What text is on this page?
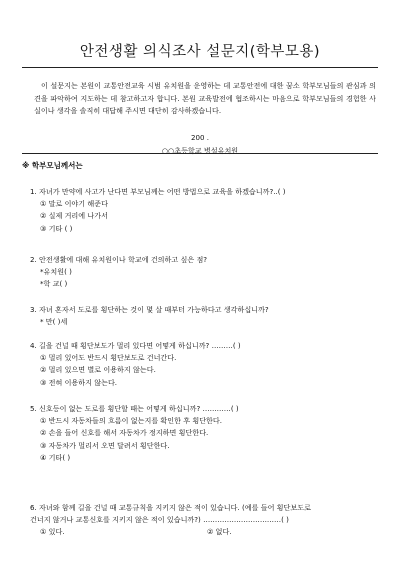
안전생활 의식조사 설문지(학부모용)

이 설문지는 본원이 교통안전교육 시범 유치원을 운영하는 데 교통안전에 대한 꿈소 학부모님들의 관심과 의견을 파악하여 지도하는 데 참고하고자 합니다. 본원 교육발전에 협조하시는 마음으로 학부모님들의 경험한 사실이나 생각을 솔직히 대답해 주시면 대단히 감사하겠습니다.

200 .
○○초등학교 병설유치원
※ 학부모님께서는
1. 자녀가 만약에 사고가 난다면 부모님께는 어떤 방법으로 교육을 하겠습니까?..( )
① 말로 이야기 해준다
② 실제 거리에 나가서
③ 기타 ( )
2. 안전생활에 대해 유치원이나 학교에 건의하고 싶은 점?
*유치원( )
*학 교( )
3. 자녀 혼자서 도로를 횡단하는 것이 몇 살 때부터 가능하다고 생각하십니까?
* 만( )세
4. 길을 건널 때 횡단보도가 멀리 있다면 어떻게 하십니까? ………( )
① 멀리 있어도 반드시 횡단보도로 건너간다.
② 멀리 있으면 별로 이용하지 않는다.
③ 전혀 이용하지 않는다.
5. 신호등이 없는 도로를 횡단할 때는 어떻게 하십니까? …………( )
① 반드시 자동차들의 흐름이 없는지를 확인한 후 횡단한다.
② 손을 들어 신호를 해서 자동차가 정지하면 횡단한다.
③ 자동차가 멀리서 오면 달려서 횡단한다.
④ 기타( )
6. 자녀와 함께 길을 건널 때 교통규칙을 지키지 않은 적이 있습니다. (예를 들어 횡단보도로
건너지 않거나 교통신호를 지키지 않은 적이 있습니까?) ……………………………( )
① 있다.	② 없다.
